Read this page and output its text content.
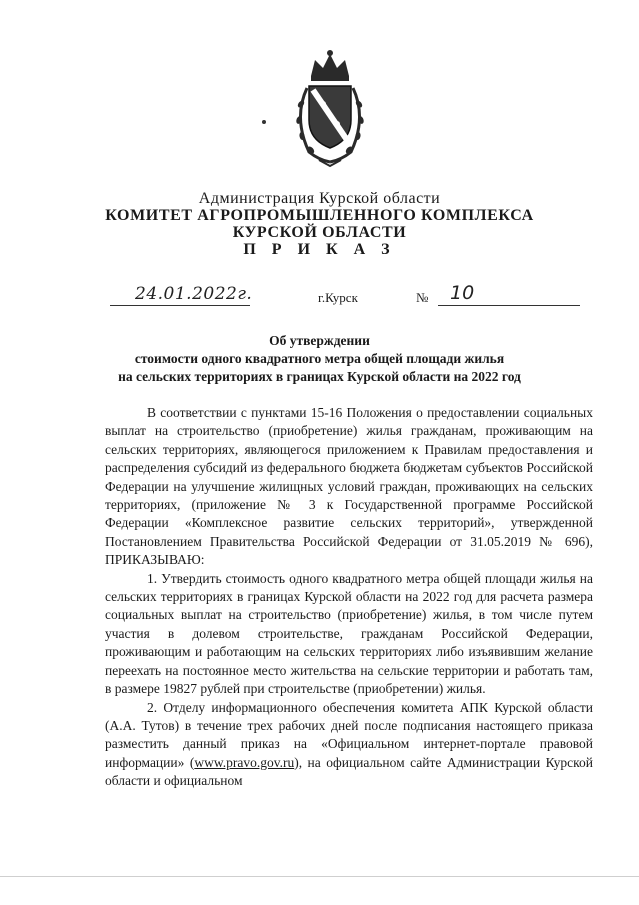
Администрация Курской области
КОМИТЕТ АГРОПРОМЫШЛЕННОГО КОМПЛЕКСА
КУРСКОЙ ОБЛАСТИ
П Р И К А З
24.01.2022г.	г.Курск	№ 10
Об утверждении
стоимости одного квадратного метра общей площади жилья
на сельских территориях в границах Курской области на 2022 год

В соответствии с пунктами 15-16 Положения о предоставлении социальных выплат на строительство (приобретение) жилья гражданам, проживающим на сельских территориях, являющегося приложением к Правилам предоставления и распределения субсидий из федерального бюджета бюджетам субъектов Российской Федерации на улучшение жилищных условий граждан, проживающих на сельских территориях, (приложение № 3 к Государственной программе Российской Федерации «Комплексное развитие сельских территорий», утвержденной Постановлением Правительства Российской Федерации от 31.05.2019 № 696), ПРИКАЗЫВАЮ:

1. Утвердить стоимость одного квадратного метра общей площади жилья на сельских территориях в границах Курской области на 2022 год для расчета размера социальных выплат на строительство (приобретение) жилья, в том числе путем участия в долевом строительстве, гражданам Российской Федерации, проживающим и работающим на сельских территориях либо изъявившим желание переехать на постоянное место жительства на сельские территории и работать там, в размере 19827 рублей при строительстве (приобретении) жилья.

2. Отделу информационного обеспечения комитета АПК Курской области (А.А. Тутов) в течение трех рабочих дней после подписания настоящего приказа разместить данный приказ на «Официальном интернет-портале правовой информации» (www.pravo.gov.ru), на официальном сайте Администрации Курской области и официальном
